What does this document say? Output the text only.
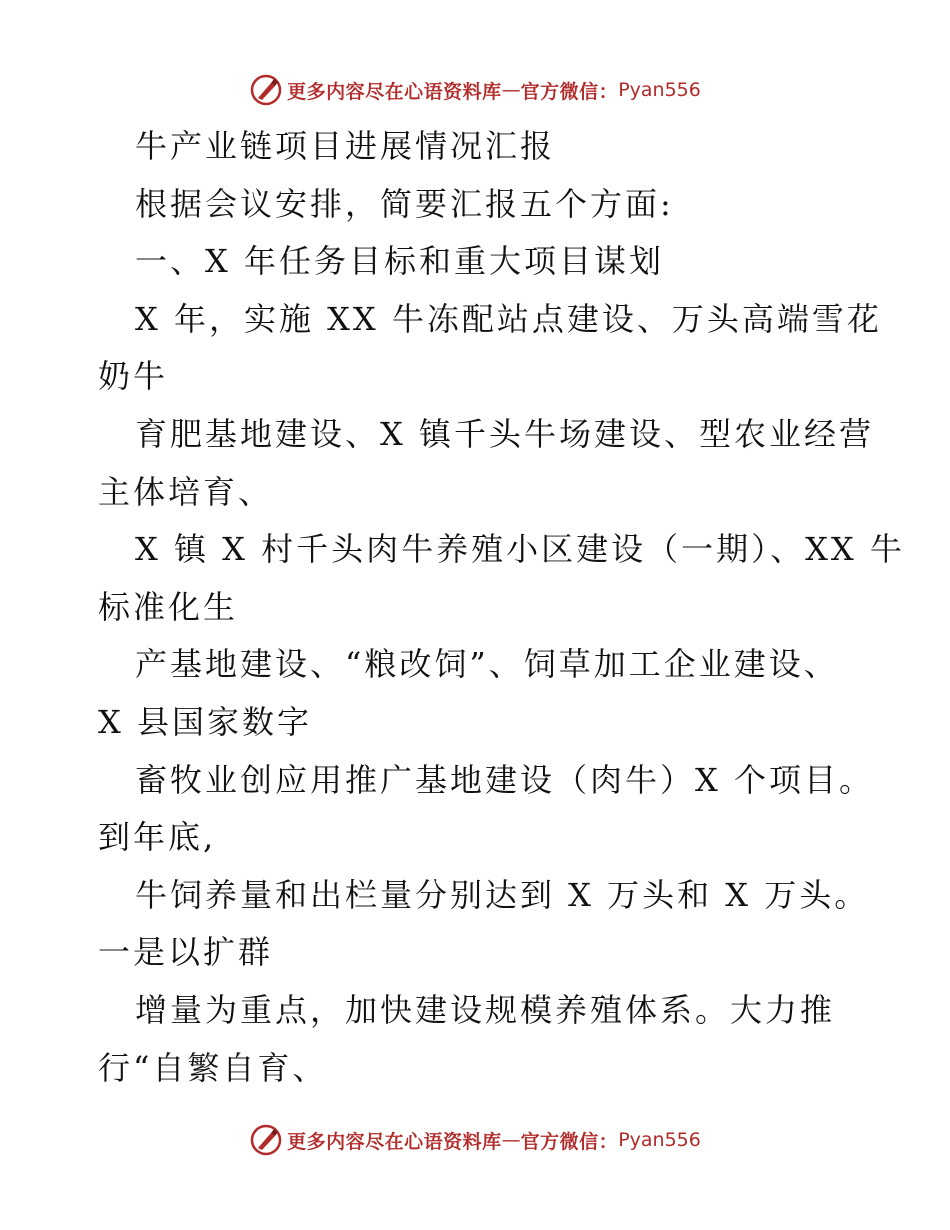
更多内容尽在心语资料库 — 官方微信： Pyan556
牛产业链项目进展情况汇报
根据会议安排，简要汇报五个方面:
一、X 年任务目标和重大项目谋划
X 年，实施 XX 牛冻配站点建设、万头高端雪花
奶牛
育肥基地建设、X 镇千头牛场建设、型农业经营
主体培育、
X 镇 X 村千头肉牛养殖小区建设（一期）、XX 牛
标准化生
产基地建设、“粮改饲”、饲草加工企业建设、
X 县国家数字
畜牧业创应用推广基地建设（肉牛）X 个项目。
到年底,
牛饲养量和出栏量分别达到 X 万头和 X 万头。
一是以扩群
增量为重点，加快建设规模养殖体系。大力推
行“自繁自育、
更多内容尽在心语资料库 — 官方微信： Pyan556
